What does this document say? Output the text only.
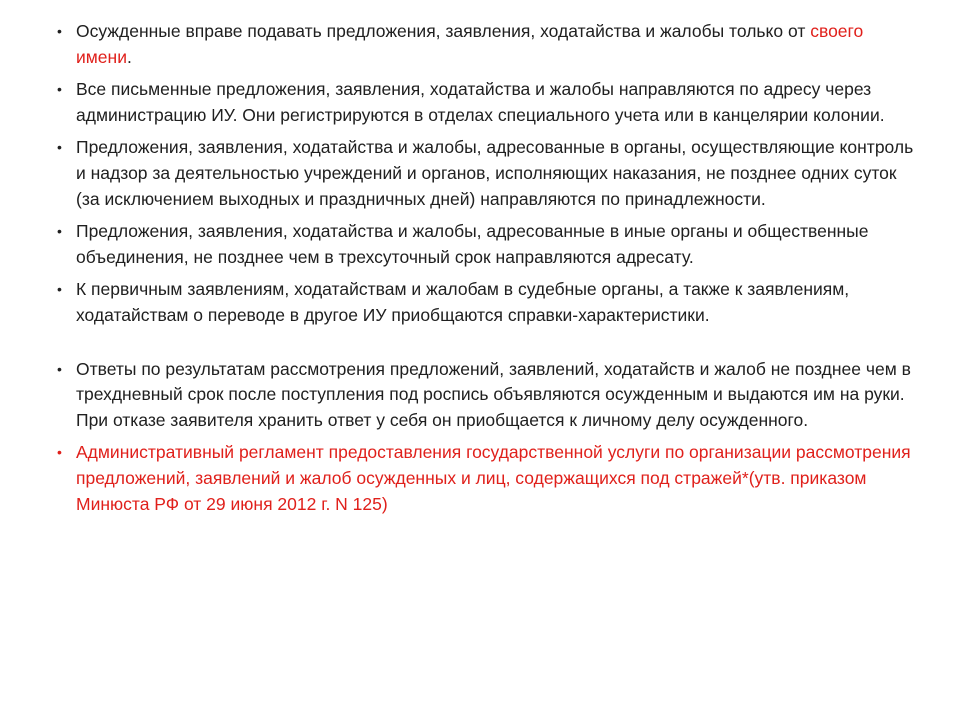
• Осужденные вправе подавать предложения, заявления, ходатайства и жалобы только от своего имени.
• Все письменные предложения, заявления, ходатайства и жалобы направляются по адресу через администрацию ИУ. Они регистрируются в отделах специального учета или в канцелярии колонии.
• Предложения, заявления, ходатайства и жалобы, адресованные в органы, осуществляющие контроль и надзор за деятельностью учреждений и органов, исполняющих наказания, не позднее одних суток (за исключением выходных и праздничных дней) направляются по принадлежности.
• Предложения, заявления, ходатайства и жалобы, адресованные в иные органы и общественные объединения, не позднее чем в трехсуточный срок направляются адресату.
• К первичным заявлениям, ходатайствам и жалобам в судебные органы, а также к заявлениям, ходатайствам о переводе в другое ИУ приобщаются справки-характеристики.
• Ответы по результатам рассмотрения предложений, заявлений, ходатайств и жалоб не позднее чем в трехдневный срок после поступления под роспись объявляются осужденным и выдаются им на руки. При отказе заявителя хранить ответ у себя он приобщается к личному делу осужденного.
• Административный регламент предоставления государственной услуги по организации рассмотрения предложений, заявлений и жалоб осужденных и лиц, содержащихся под стражей*(утв. приказом Минюста РФ от 29 июня 2012 г. N 125)
